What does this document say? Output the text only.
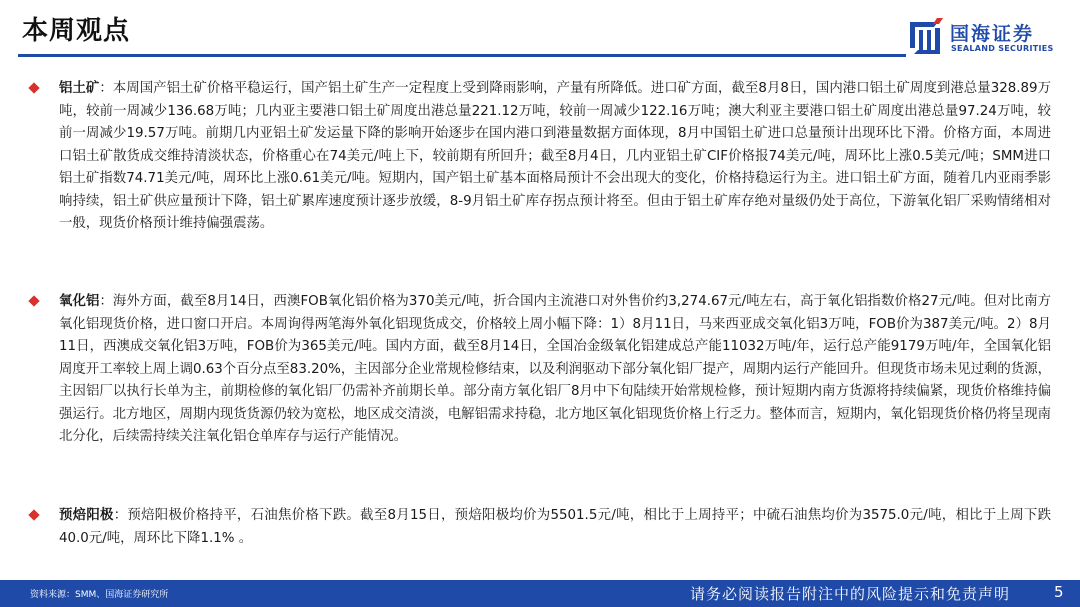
本周观点	国海证券
SEALAND SECURITIES
铝土矿：本周国产铝土矿价格平稳运行，国产铝土矿生产一定程度上受到降雨影响，产量有所降低。进口矿方面，截至8月8日，国内港口铝土矿周度到港总量328.89万吨，较前一周减少136.68万吨；几内亚主要港口铝土矿周度出港总量221.12万吨，较前一周减少122.16万吨；澳大利亚主要港口铝土矿周度出港总量97.24万吨，较前一周减少19.57万吨。前期几内亚铝土矿发运量下降的影响开始逐步在国内港口到港量数据方面体现，8月中国铝土矿进口总量预计出现环比下滑。价格方面，本周进口铝土矿散货成交维持清淡状态，价格重心在74美元/吨上下，较前期有所回升；截至8月4日，几内亚铝土矿CIF价格报74美元/吨，周环比上涨0.5美元/吨；SMM进口铝土矿指数74.71美元/吨，周环比上涨0.61美元/吨。短期内，国产铝土矿基本面格局预计不会出现大的变化，价格持稳运行为主。进口铝土矿方面，随着几内亚雨季影响持续，铝土矿供应量预计下降，铝土矿累库速度预计逐步放缓，8-9月铝土矿库存拐点预计将至。但由于铝土矿库存绝对量级仍处于高位，下游氧化铝厂采购情绪相对一般，现货价格预计维持偏强震荡。
氧化铝：海外方面，截至8月14日，西澳FOB氧化铝价格为370美元/吨，折合国内主流港口对外售价约3,274.67元/吨左右，高于氧化铝指数价格27元/吨。但对比南方氧化铝现货价格，进口窗口开启。本周询得两笔海外氧化铝现货成交，价格较上周小幅下降：1）8月11日，马来西亚成交氧化铝3万吨，FOB价为387美元/吨。2）8月11日，西澳成交氧化铝3万吨，FOB价为365美元/吨。国内方面，截至8月14日，全国冶金级氧化铝建成总产能11032万吨/年，运行总产能9179万吨/年，全国氧化铝周度开工率较上周上调0.63个百分点至83.20%，主因部分企业常规检修结束，以及利润驱动下部分氧化铝厂提产，周期内运行产能回升。但现货市场未见过剩的货源，主因铝厂以执行长单为主，前期检修的氧化铝厂仍需补齐前期长单。部分南方氧化铝厂8月中下旬陆续开始常规检修，预计短期内南方货源将持续偏紧，现货价格维持偏强运行。北方地区，周期内现货货源仍较为宽松，地区成交清淡，电解铝需求持稳，北方地区氧化铝现货价格上行乏力。整体而言，短期内，氧化铝现货价格仍将呈现南北分化，后续需持续关注氧化铝仓单库存与运行产能情况。
预焙阳极：预焙阳极价格持平，石油焦价格下跌。截至8月15日，预焙阳极均价为5501.5元/吨，相比于上周持平；中硫石油焦均价为3575.0元/吨，相比于上周下跌40.0元/吨，周环比下降1.1% 。
资料来源：SMM、国海证券研究所	请务必阅读报告附注中的风险提示和免责声明	5
